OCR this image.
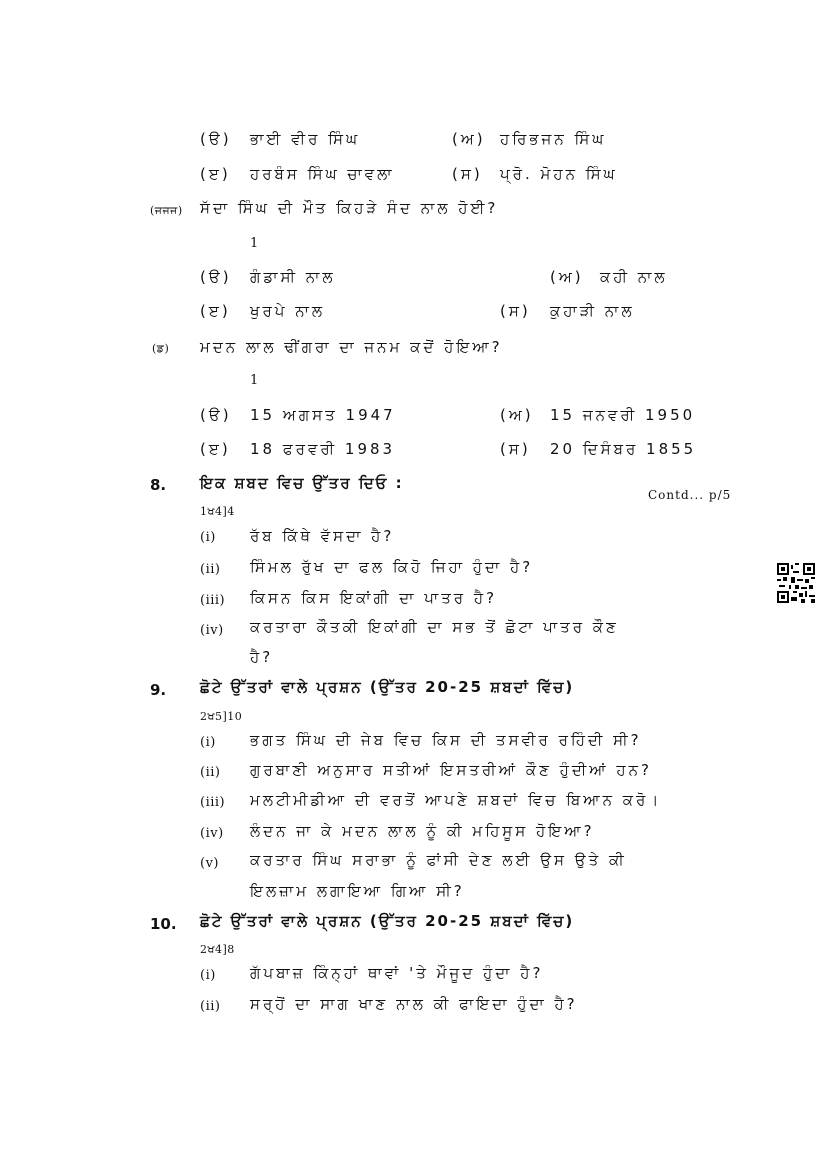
(ੳ) ਭਾਈ ਵੀਰ ਸਿੰਘ	(ਅ) ਹਰਿਭਜਨ ਸਿੰਘ
(ੲ) ਹਰਬੰਸ ਸਿੰਘ ਚਾਵਲਾ	(ਸ) ਪ੍ਰੋ. ਮੋਹਨ ਸਿੰਘ
(ਜਜਜ) ਸੱਦਾ ਸਿੰਘ ਦੀ ਮੌਤ ਕਿਹੜੇ ਸੰਦ ਨਾਲ ਹੋਈ?
1
(ੳ) ਗੰਡਾਸੀ ਨਾਲ	(ਅ) ਕਹੀ ਨਾਲ
(ੲ) ਖੁਰਪੇ ਨਾਲ	(ਸ) ਕੁਹਾੜੀ ਨਾਲ
(ਡ) ਮਦਨ ਲਾਲ ਢੀਂਗਰਾ ਦਾ ਜਨਮ ਕਦੋਂ ਹੋਇਆ?
1
(ੳ) 15 ਅਗਸਤ 1947	(ਅ) 15 ਜਨਵਰੀ 1950
(ੲ) 18 ਫਰਵਰੀ 1983	(ਸ) 20 ਦਿਸੰਬਰ 1855
8. ਇਕ ਸ਼ਬਦ ਵਿਚ ਉੱਤਰ ਦਿਓ :
Contd... p/5
1ਖ4]4
(i) ਰੱਬ ਕਿੱਥੇ ਵੱਸਦਾ ਹੈ?
(ii) ਸਿੰਮਲ ਰੁੱਖ ਦਾ ਫਲ ਕਿਹੋ ਜਿਹਾ ਹੁੰਦਾ ਹੈ?
(iii) ਕਿਸਨ ਕਿਸ ਇਕਾਂਗੀ ਦਾ ਪਾਤਰ ਹੈ?
(iv) ਕਰਤਾਰਾ ਕੌਤਕੀ ਇਕਾਂਗੀ ਦਾ ਸਭ ਤੋਂ ਛੋਟਾ ਪਾਤਰ ਕੌਣ
ਹੈ?
9. ਛੋਟੇ ਉੱਤਰਾਂ ਵਾਲੇ ਪ੍ਰਸ਼ਨ (ਉੱਤਰ 20-25 ਸ਼ਬਦਾਂ ਵਿੱਚ)
2ਖ5]10
(i) ਭਗਤ ਸਿੰਘ ਦੀ ਜੇਬ ਵਿਚ ਕਿਸ ਦੀ ਤਸਵੀਰ ਰਹਿੰਦੀ ਸੀ?
(ii) ਗੁਰਬਾਣੀ ਅਨੁਸਾਰ ਸਤੀਆਂ ਇਸਤਰੀਆਂ ਕੌਣ ਹੁੰਦੀਆਂ ਹਨ?
(iii) ਮਲਟੀਮੀਡੀਆ ਦੀ ਵਰਤੋਂ ਆਪਣੇ ਸ਼ਬਦਾਂ ਵਿਚ ਬਿਆਨ ਕਰੋ।
(iv) ਲੰਦਨ ਜਾ ਕੇ ਮਦਨ ਲਾਲ ਨੂੰ ਕੀ ਮਹਿਸੂਸ ਹੋਇਆ?
(v) ਕਰਤਾਰ ਸਿੰਘ ਸਰਾਭਾ ਨੂੰ ਫਾਂਸੀ ਦੇਣ ਲਈ ਉਸ ਉਤੇ ਕੀ
ਇਲਜ਼ਾਮ ਲਗਾਇਆ ਗਿਆ ਸੀ?
10. ਛੋਟੇ ਉੱਤਰਾਂ ਵਾਲੇ ਪ੍ਰਸ਼ਨ (ਉੱਤਰ 20-25 ਸ਼ਬਦਾਂ ਵਿੱਚ)
2ਖ4]8
(i) ਗੱਪਬਾਜ਼ ਕਿੰਨ੍ਹਾਂ ਥਾਵਾਂ 'ਤੇ ਮੌਜੂਦ ਹੁੰਦਾ ਹੈ?
(ii) ਸਰ੍ਹੋਂ ਦਾ ਸਾਗ ਖਾਣ ਨਾਲ ਕੀ ਫਾਇਦਾ ਹੁੰਦਾ ਹੈ?
